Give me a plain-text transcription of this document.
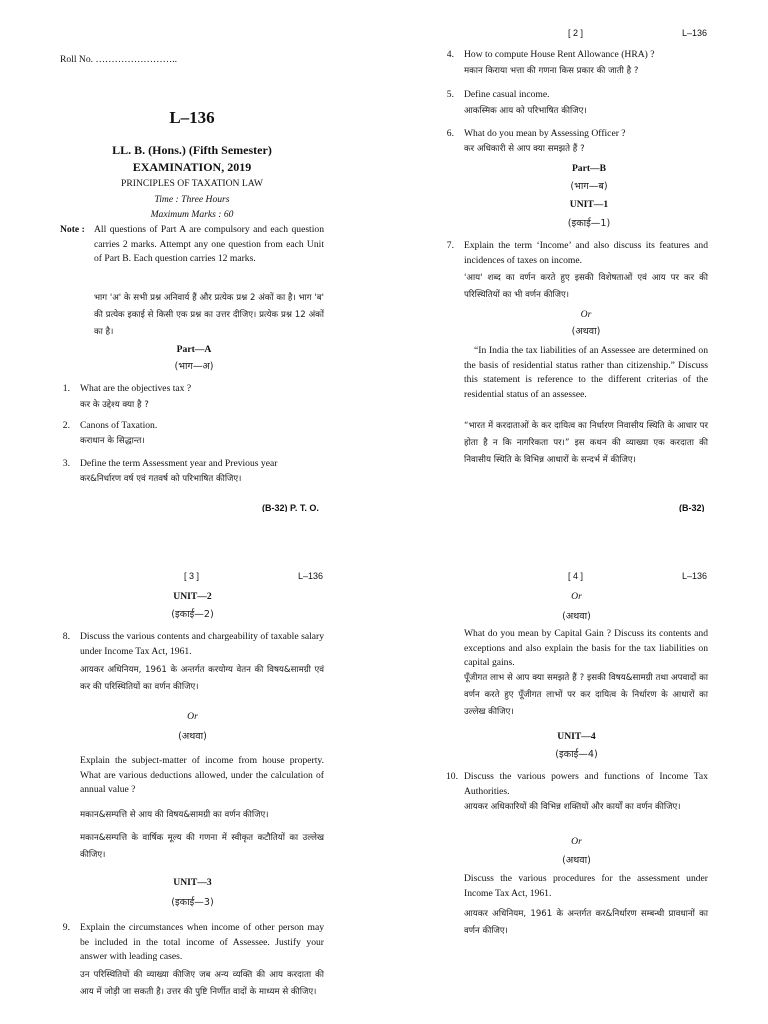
Roll No. ……………………..
L–136
LL. B. (Hons.) (Fifth Semester)
EXAMINATION, 2019
PRINCIPLES OF TAXATION LAW
Time : Three Hours
Maximum Marks : 60
Note : All questions of Part A are compulsory and each question carries 2 marks. Attempt any one question from each Unit of Part B. Each question carries 12 marks.
भाग 'अ' के सभी प्रश्न अनिवार्य हैं और प्रत्येक प्रश्न 2 अंकों का है। भाग 'ब' की प्रत्येक इकाई से किसी एक प्रश्न का उत्तर दीजिए। प्रत्येक प्रश्न 12 अंकों का है।
Part—A
(भाग—अ)
1. What are the objectives tax ?
कर के उद्देश्य क्या है ?
2. Canons of Taxation.
कराधान के सिद्धान्त।
3. Define the term Assessment year and Previous year
कर&निर्धारण वर्ष एवं गतवर्ष को परिभाषित कीजिए।
(B-32) P. T. O.
[ 2 ]	L–136
4. How to compute House Rent Allowance (HRA) ?
मकान किराया भत्ता की गणना किस प्रकार की जाती है ?
5. Define casual income.
आकस्मिक आय को परिभाषित कीजिए।
6. What do you mean by Assessing Officer ?
कर अधिकारी से आप क्या समझते हैं ?
Part—B
(भाग—ब)
UNIT—1
(इकाई—1)
7. Explain the term ‘Income’ and also discuss its features and incidences of taxes on income.
'आय' शब्द का वर्णन करते हुए इसकी विशेषताओं एवं आय पर कर की परिस्थितियों का भी वर्णन कीजिए।
Or
(अथवा)
“In India the tax liabilities of an Assessee are determined on the basis of residential status rather than citizenship.” Discuss this statement is reference to the different criterias of the residential status of an assessee.
“भारत में करदाताओं के कर दायित्व का निर्धारण निवासीय स्थिति के आधार पर होता है न कि नागरिकता पर।” इस कथन की व्याख्या एक करदाता की निवासीय स्थिति के विभिन्न आधारों के सन्दर्भ में कीजिए।
(B-32)
[ 3 ]	L–136
UNIT—2
(इकाई—2)
8. Discuss the various contents and chargeability of taxable salary under Income Tax Act, 1961.
आयकर अधिनियम, 1961 के अन्तर्गत करयोग्य वेतन की विषय&सामग्री एवं कर की परिस्थितियों का वर्णन कीजिए।
Or
(अथवा)
Explain the subject-matter of income from house property. What are various deductions allowed, under the calculation of annual value ?
मकान&सम्पत्ति से आय की विषय&सामग्री का वर्णन कीजिए।
मकान&सम्पत्ति के वार्षिक मूल्य की गणना में स्वीकृत कटौतियों का उल्लेख कीजिए।
UNIT—3
(इकाई—3)
9. Explain the circumstances when income of other person may be included in the total income of Assessee. Justify your answer with leading cases.
उन परिस्थितियों की व्याख्या कीजिए जब अन्य व्यक्ति की आय करदाता की आय में जोड़ी जा सकती है। उत्तर की पुष्टि निर्णीत वादों के माध्यम से कीजिए।
[ 4 ]	L–136
Or
(अथवा)
What do you mean by Capital Gain ? Discuss its contents and exceptions and also explain the basis for the tax liabilities on capital gains.
पूँजीगत लाभ से आप क्या समझते हैं ? इसकी विषय&सामग्री तथा अपवादों का वर्णन करते हुए पूँजीगत लाभों पर कर दायित्व के निर्धारण के आधारों का उल्लेख कीजिए।
UNIT—4
(इकाई—4)
10. Discuss the various powers and functions of Income Tax Authorities.
आयकर अधिकारियों की विभिन्न शक्तियों और कार्यों का वर्णन कीजिए।
Or
(अथवा)
Discuss the various procedures for the assessment under Income Tax Act, 1961.
आयकर अधिनियम, 1961 के अन्तर्गत कर&निर्धारण सम्बन्धी प्रावधानों का वर्णन कीजिए।
